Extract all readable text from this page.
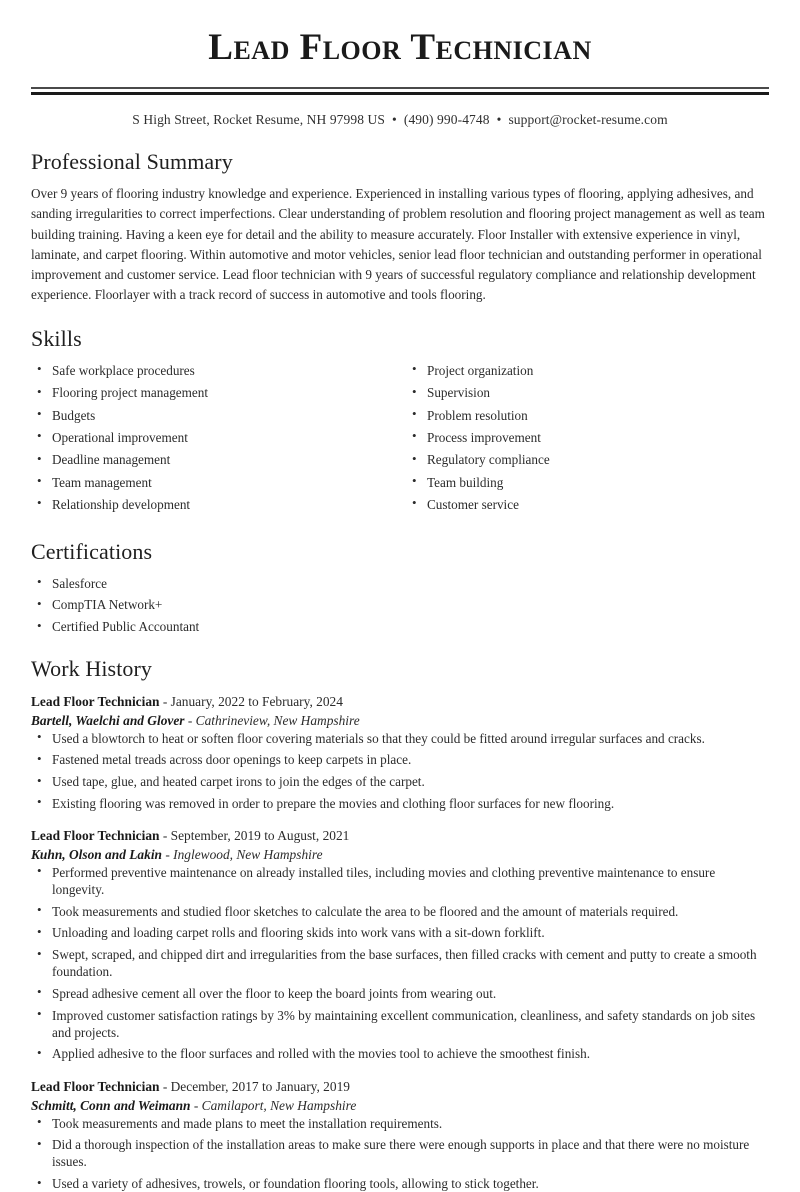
Lead Floor Technician
S High Street, Rocket Resume, NH 97998 US • (490) 990-4748 • support@rocket-resume.com
Professional Summary

Over 9 years of flooring industry knowledge and experience. Experienced in installing various types of flooring, applying adhesives, and sanding irregularities to correct imperfections. Clear understanding of problem resolution and flooring project management as well as team building training. Having a keen eye for detail and the ability to measure accurately. Floor Installer with extensive experience in vinyl, laminate, and carpet flooring. Within automotive and motor vehicles, senior lead floor technician and outstanding performer in operational improvement and customer service. Lead floor technician with 9 years of successful regulatory compliance and relationship development experience. Floorlayer with a track record of success in automotive and tools flooring.

Skills
• Safe workplace procedures
• Flooring project management
• Budgets
• Operational improvement
• Deadline management
• Team management
• Relationship development
• Project organization
• Supervision
• Problem resolution
• Process improvement
• Regulatory compliance
• Team building
• Customer service
Certifications
• Salesforce
• CompTIA Network+
• Certified Public Accountant
Work History
Lead Floor Technician - January, 2022 to February, 2024
Bartell, Waelchi and Glover - Cathrineview, New Hampshire
• Used a blowtorch to heat or soften floor covering materials so that they could be fitted around irregular surfaces and cracks.
• Fastened metal treads across door openings to keep carpets in place.
• Used tape, glue, and heated carpet irons to join the edges of the carpet.
• Existing flooring was removed in order to prepare the movies and clothing floor surfaces for new flooring.
Lead Floor Technician - September, 2019 to August, 2021
Kuhn, Olson and Lakin - Inglewood, New Hampshire
• Performed preventive maintenance on already installed tiles, including movies and clothing preventive maintenance to ensure longevity.
• Took measurements and studied floor sketches to calculate the area to be floored and the amount of materials required.
• Unloading and loading carpet rolls and flooring skids into work vans with a sit-down forklift.
• Swept, scraped, and chipped dirt and irregularities from the base surfaces, then filled cracks with cement and putty to create a smooth foundation.
• Spread adhesive cement all over the floor to keep the board joints from wearing out.
• Improved customer satisfaction ratings by 3% by maintaining excellent communication, cleanliness, and safety standards on job sites and projects.
• Applied adhesive to the floor surfaces and rolled with the movies tool to achieve the smoothest finish.
Lead Floor Technician - December, 2017 to January, 2019
Schmitt, Conn and Weimann - Camilaport, New Hampshire
• Took measurements and made plans to meet the installation requirements.
• Did a thorough inspection of the installation areas to make sure there were enough supports in place and that there were no moisture issues.
• Used a variety of adhesives, trowels, or foundation flooring tools, allowing to stick together.
